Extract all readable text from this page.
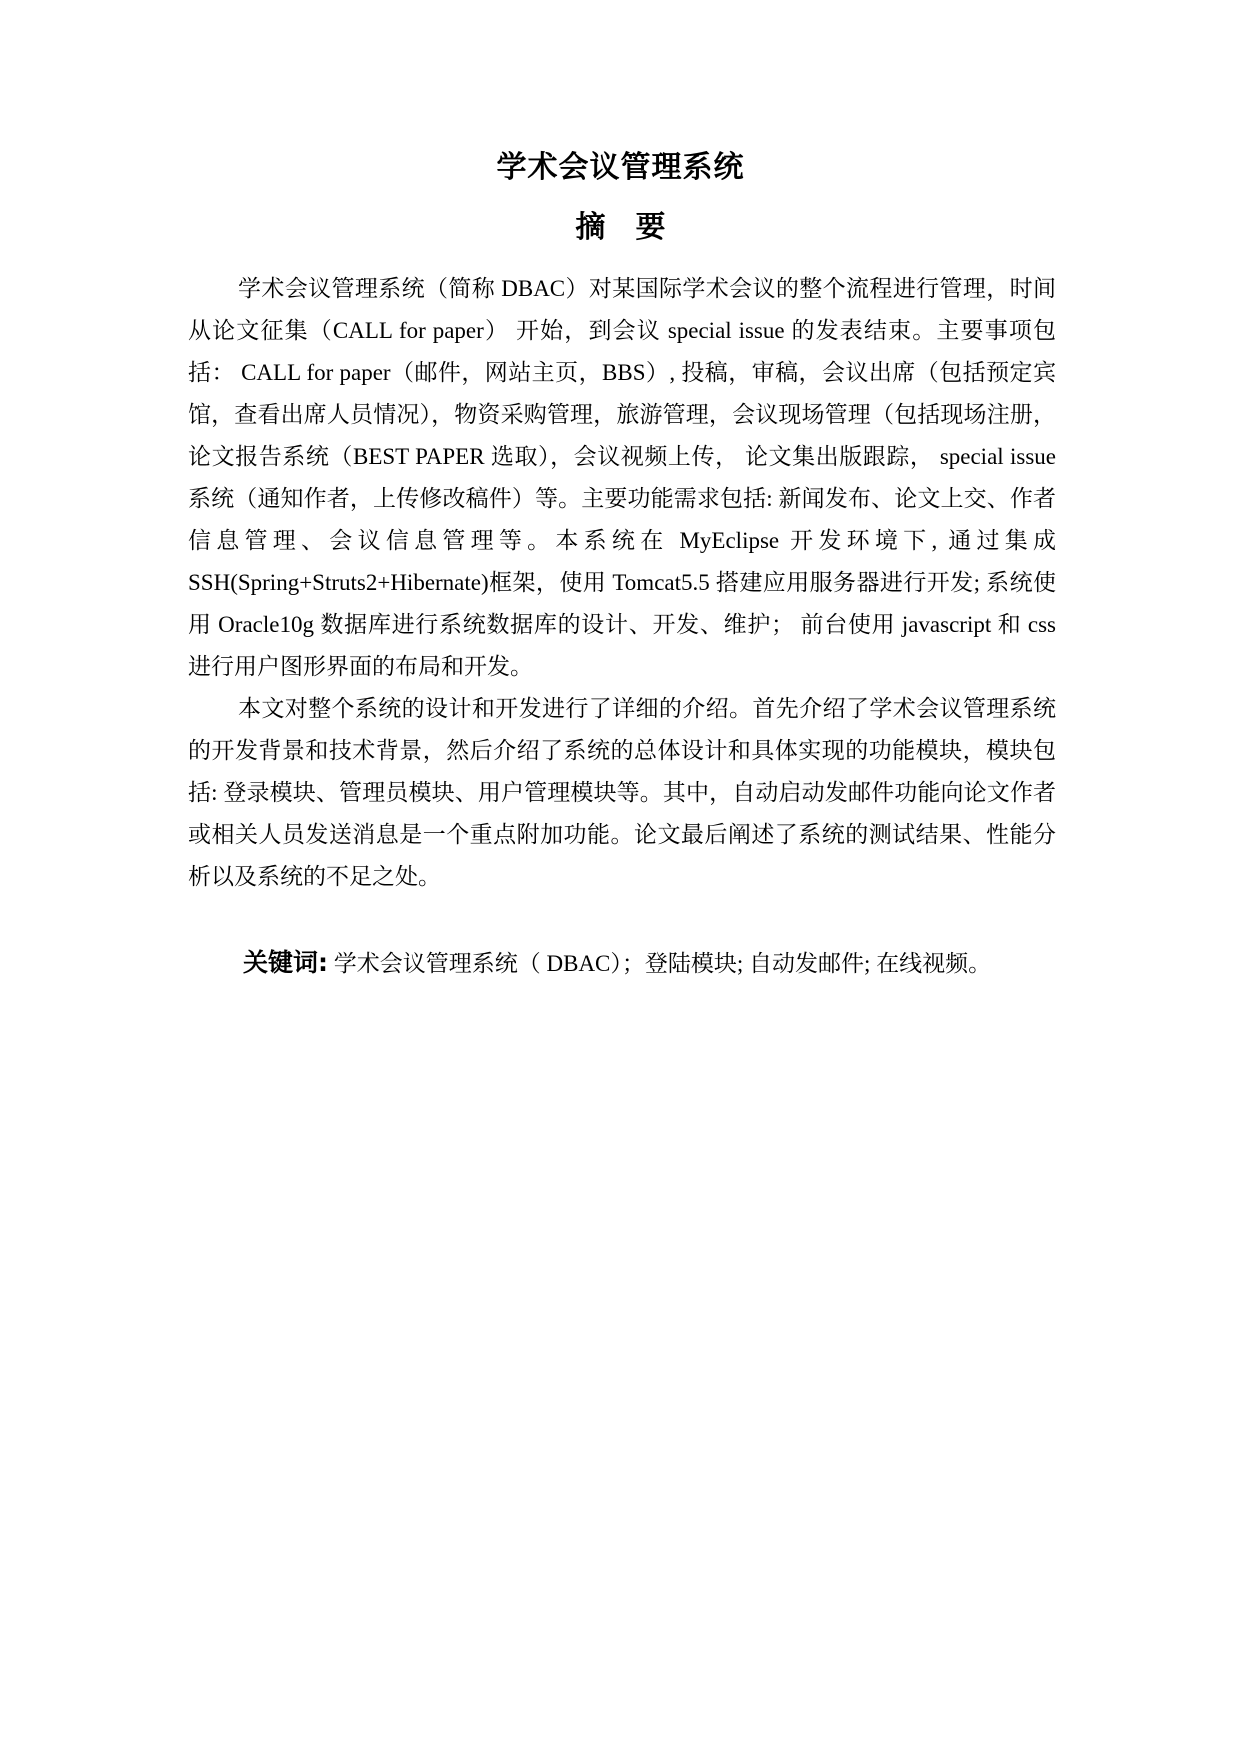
学术会议管理系统
摘　要

学术会议管理系统（简称 DBAC）对某国际学术会议的整个流程进行管理，时间从论文征集（CALL for paper） 开始，到会议 special issue 的发表结束。主要事项包括： CALL for paper（邮件，网站主页，BBS）, 投稿，审稿，会议出席（包括预定宾馆，查看出席人员情况），物资采购管理，旅游管理，会议现场管理（包括现场注册，论文报告系统（BEST PAPER 选取），会议视频上传， 论文集出版跟踪， special issue 系统（通知作者，上传修改稿件）等。主要功能需求包括: 新闻发布、论文上交、作者信息管理、会议信息管理等。本系统在 MyEclipse 开发环境下, 通过集成 SSH(Spring+Struts2+Hibernate)框架，使用 Tomcat5.5 搭建应用服务器进行开发; 系统使用 Oracle10g 数据库进行系统数据库的设计、开发、维护； 前台使用 javascript 和 css 进行用户图形界面的布局和开发。

本文对整个系统的设计和开发进行了详细的介绍。首先介绍了学术会议管理系统的开发背景和技术背景，然后介绍了系统的总体设计和具体实现的功能模块，模块包括: 登录模块、管理员模块、用户管理模块等。其中，自动启动发邮件功能向论文作者或相关人员发送消息是一个重点附加功能。论文最后阐述了系统的测试结果、性能分析以及系统的不足之处。

关键词: 学术会议管理系统（ DBAC）；登陆模块; 自动发邮件; 在线视频。
